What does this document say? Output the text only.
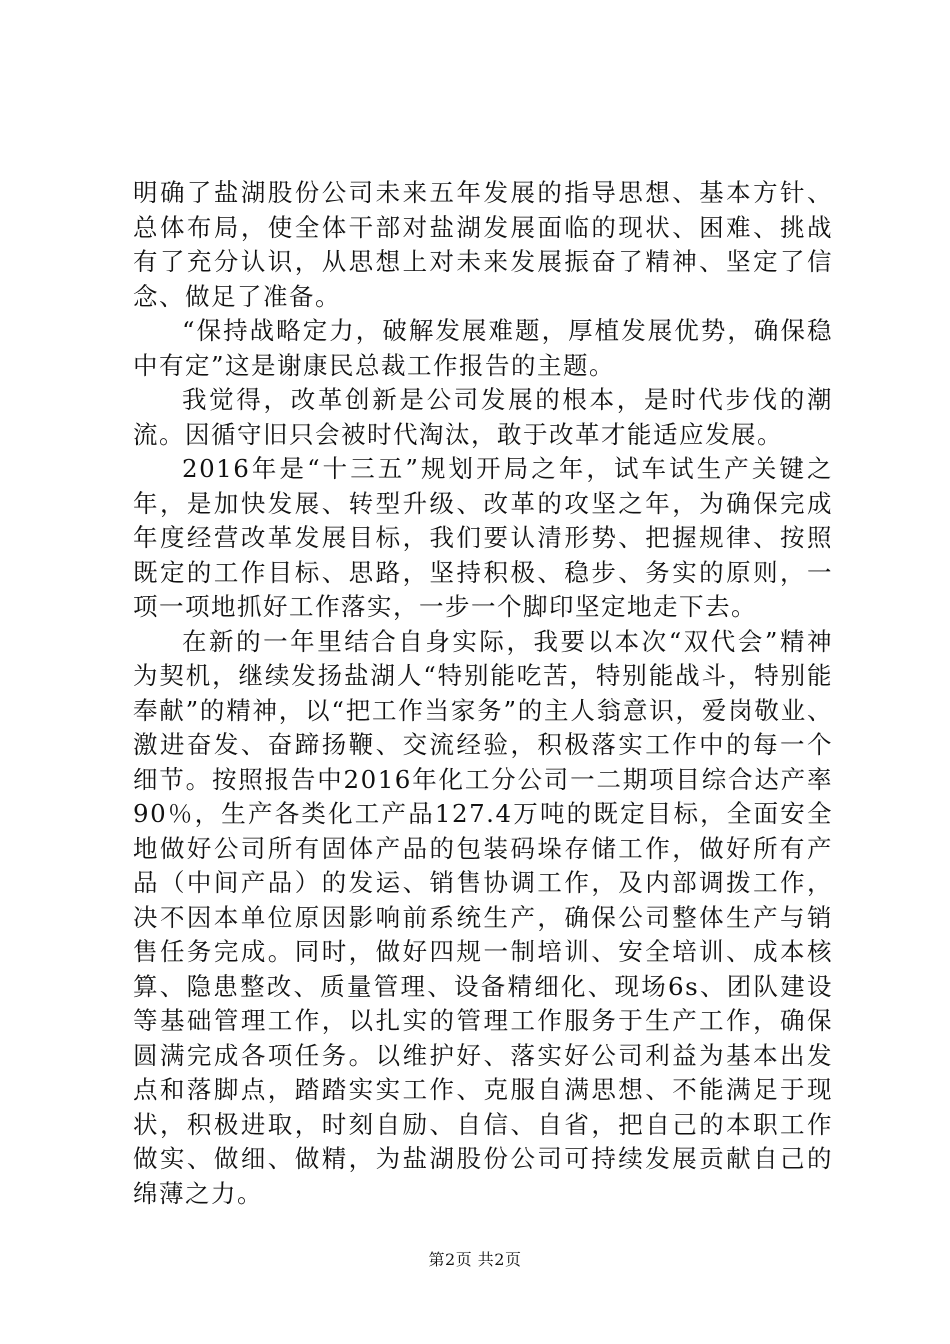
明确了盐湖股份公司未来五年发展的指导思想、基本方针、总体布局，使全体干部对盐湖发展面临的现状、困难、挑战有了充分认识，从思想上对未来发展振奋了精神、坚定了信念、做足了准备。

“保持战略定力，破解发展难题，厚植发展优势，确保稳中有定”这是谢康民总裁工作报告的主题。

我觉得，改革创新是公司发展的根本，是时代步伐的潮流。因循守旧只会被时代淘汰，敢于改革才能适应发展。

2016年是“十三五”规划开局之年，试车试生产关键之年，是加快发展、转型升级、改革的攻坚之年，为确保完成年度经营改革发展目标，我们要认清形势、把握规律、按照既定的工作目标、思路，坚持积极、稳步、务实的原则，一项一项地抓好工作落实，一步一个脚印坚定地走下去。

在新的一年里结合自身实际，我要以本次“双代会”精神为契机，继续发扬盐湖人“特别能吃苦，特别能战斗，特别能奉献”的精神，以“把工作当家务”的主人翁意识，爱岗敬业、激进奋发、奋蹄扬鞭、交流经验，积极落实工作中的每一个细节。按照报告中2016年化工分公司一二期项目综合达产率90％，生产各类化工产品127.4万吨的既定目标，全面安全地做好公司所有固体产品的包装码垛存储工作，做好所有产品（中间产品）的发运、销售协调工作，及内部调拨工作，决不因本单位原因影响前系统生产，确保公司整体生产与销售任务完成。同时，做好四规一制培训、安全培训、成本核算、隐患整改、质量管理、设备精细化、现场6s、团队建设等基础管理工作，以扎实的管理工作服务于生产工作，确保圆满完成各项任务。以维护好、落实好公司利益为基本出发点和落脚点，踏踏实实工作、克服自满思想、不能满足于现状，积极进取，时刻自励、自信、自省，把自己的本职工作做实、做细、做精，为盐湖股份公司可持续发展贡献自己的绵薄之力。

第2页 共2页
